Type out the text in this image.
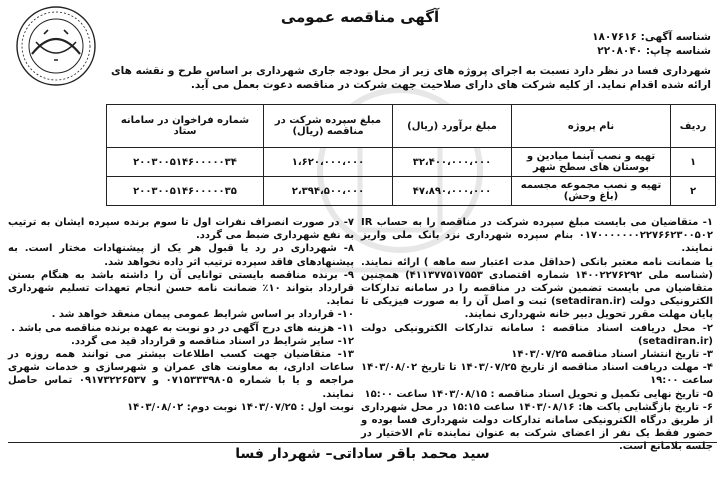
آگهی مناقصه عمومی
شناسه آگهی: ۱۸۰۷۶۱۶
شناسه چاپ: ۲۲۰۸۰۴۰
شهرداری فسا در نظر دارد نسبت به اجرای پروژه های زیر از محل بودجه جاری شهرداری بر اساس طرح و نقشه های ارائه شده اقدام نماید. از کلیه شرکت های دارای صلاحیت جهت شرکت در مناقصه دعوت بعمل می آید.
ردیف	نام پروژه	مبلغ برآورد (ریال)	مبلغ سپرده شرکت در مناقصه (ریال)	شماره فراخوان در سامانه ستاد
۱	تهیه و نصب آبنما میادین و بوستان های سطح شهر	۳۲،۴۰۰،۰۰۰،۰۰۰	۱،۶۲۰،۰۰۰،۰۰۰	۲۰۰۳۰۰۵۱۴۶۰۰۰۰۰۳۴
۲	تهیه و نصب مجموعه مجسمه (باغ وحش)	۴۷،۸۹۰،۰۰۰،۰۰۰	۲،۳۹۴،۵۰۰،۰۰۰	۲۰۰۳۰۰۵۱۴۶۰۰۰۰۰۳۵

۱- متقاضیان می بایست مبلغ سپرده شرکت در مناقصه را به حساب IR ۰۱۷۰۰۰۰۰۰۰۲۲۷۶۶۲۳۰۰۵۰۲ بنام سپرده شهرداری نزد بانک ملی واریز نمایند.

یا ضمانت نامه معتبر بانکی (حداقل مدت اعتبار سه ماهه ) ارائه نمایند. (شناسه ملی ۱۴۰۰۲۲۷۶۲۹۲ شماره اقتصادی ۴۱۱۳۷۷۵۱۷۵۵۳) همچنین متقاضیان می بایست تضمین شرکت در مناقصه را در سامانه تدارکات الکترونیکی دولت (setadiran.ir) ثبت و اصل آن را به صورت فیزیکی تا پایان مهلت مقرر تحویل دبیر خانه شهرداری نمایند.

۲- محل دریافت اسناد مناقصه : سامانه تدارکات الکترونیکی دولت (setadiran.ir)

۳- تاریخ انتشار اسناد مناقصه ۱۴۰۳/۰۷/۲۵

۴- مهلت دریافت اسناد مناقصه از تاریخ ۱۴۰۳/۰۷/۲۵ تا تاریخ ۱۴۰۳/۰۸/۰۲ ساعت ۱۹:۰۰

۵- تاریخ نهایی تکمیل و تحویل اسناد مناقصه : ۱۴۰۳/۰۸/۱۵ ساعت ۱۵:۰۰

۶- تاریخ بازگشایی پاکت ها: ۱۴۰۳/۰۸/۱۶ ساعت ۱۵:۱۵ در محل شهرداری از طریق درگاه الکترونیکی سامانه تدارکات دولت شهرداری فسا بوده و حضور فقط یک نفر از اعضای شرکت به عنوان نماینده تام الاختیار در جلسه بلامانع است.

۷- در صورت انصراف نفرات اول تا سوم برنده سپرده ایشان به ترتیب به نفع شهرداری ضبط می گردد.

۸- شهرداری در رد یا قبول هر یک از پیشنهادات مختار است. به پیشنهادهای فاقد سپرده ترتیب اثر داده نخواهد شد.

۹- برنده مناقصه بایستی توانایی آن را داشته باشد به هنگام بستن قرارداد بتواند ۱۰٪ ضمانت نامه حسن انجام تعهدات تسلیم شهرداری نماید.

۱۰- قرارداد بر اساس شرایط عمومی پیمان منعقد خواهد شد .

۱۱- هزینه های درج آگهی در دو نوبت به عهده برنده مناقصه می باشد .

۱۲- سایر شرایط در اسناد مناقصه و قرارداد قید می گردد.

۱۳- متقاضیان جهت کسب اطلاعات بیشتر می توانند همه روزه در ساعات اداری، به معاونت های عمران و شهرسازی و خدمات شهری مراجعه و یا با شماره ۰۷۱۵۳۳۳۹۸۰۵ و ۰۹۱۷۳۲۲۶۵۳۷ تماس حاصل نمایند.

نوبت اول : ۱۴۰۳/۰۷/۲۵ نوبت دوم: ۱۴۰۳/۰۸/۰۲

سید محمد باقر ساداتی– شهردار فسا
